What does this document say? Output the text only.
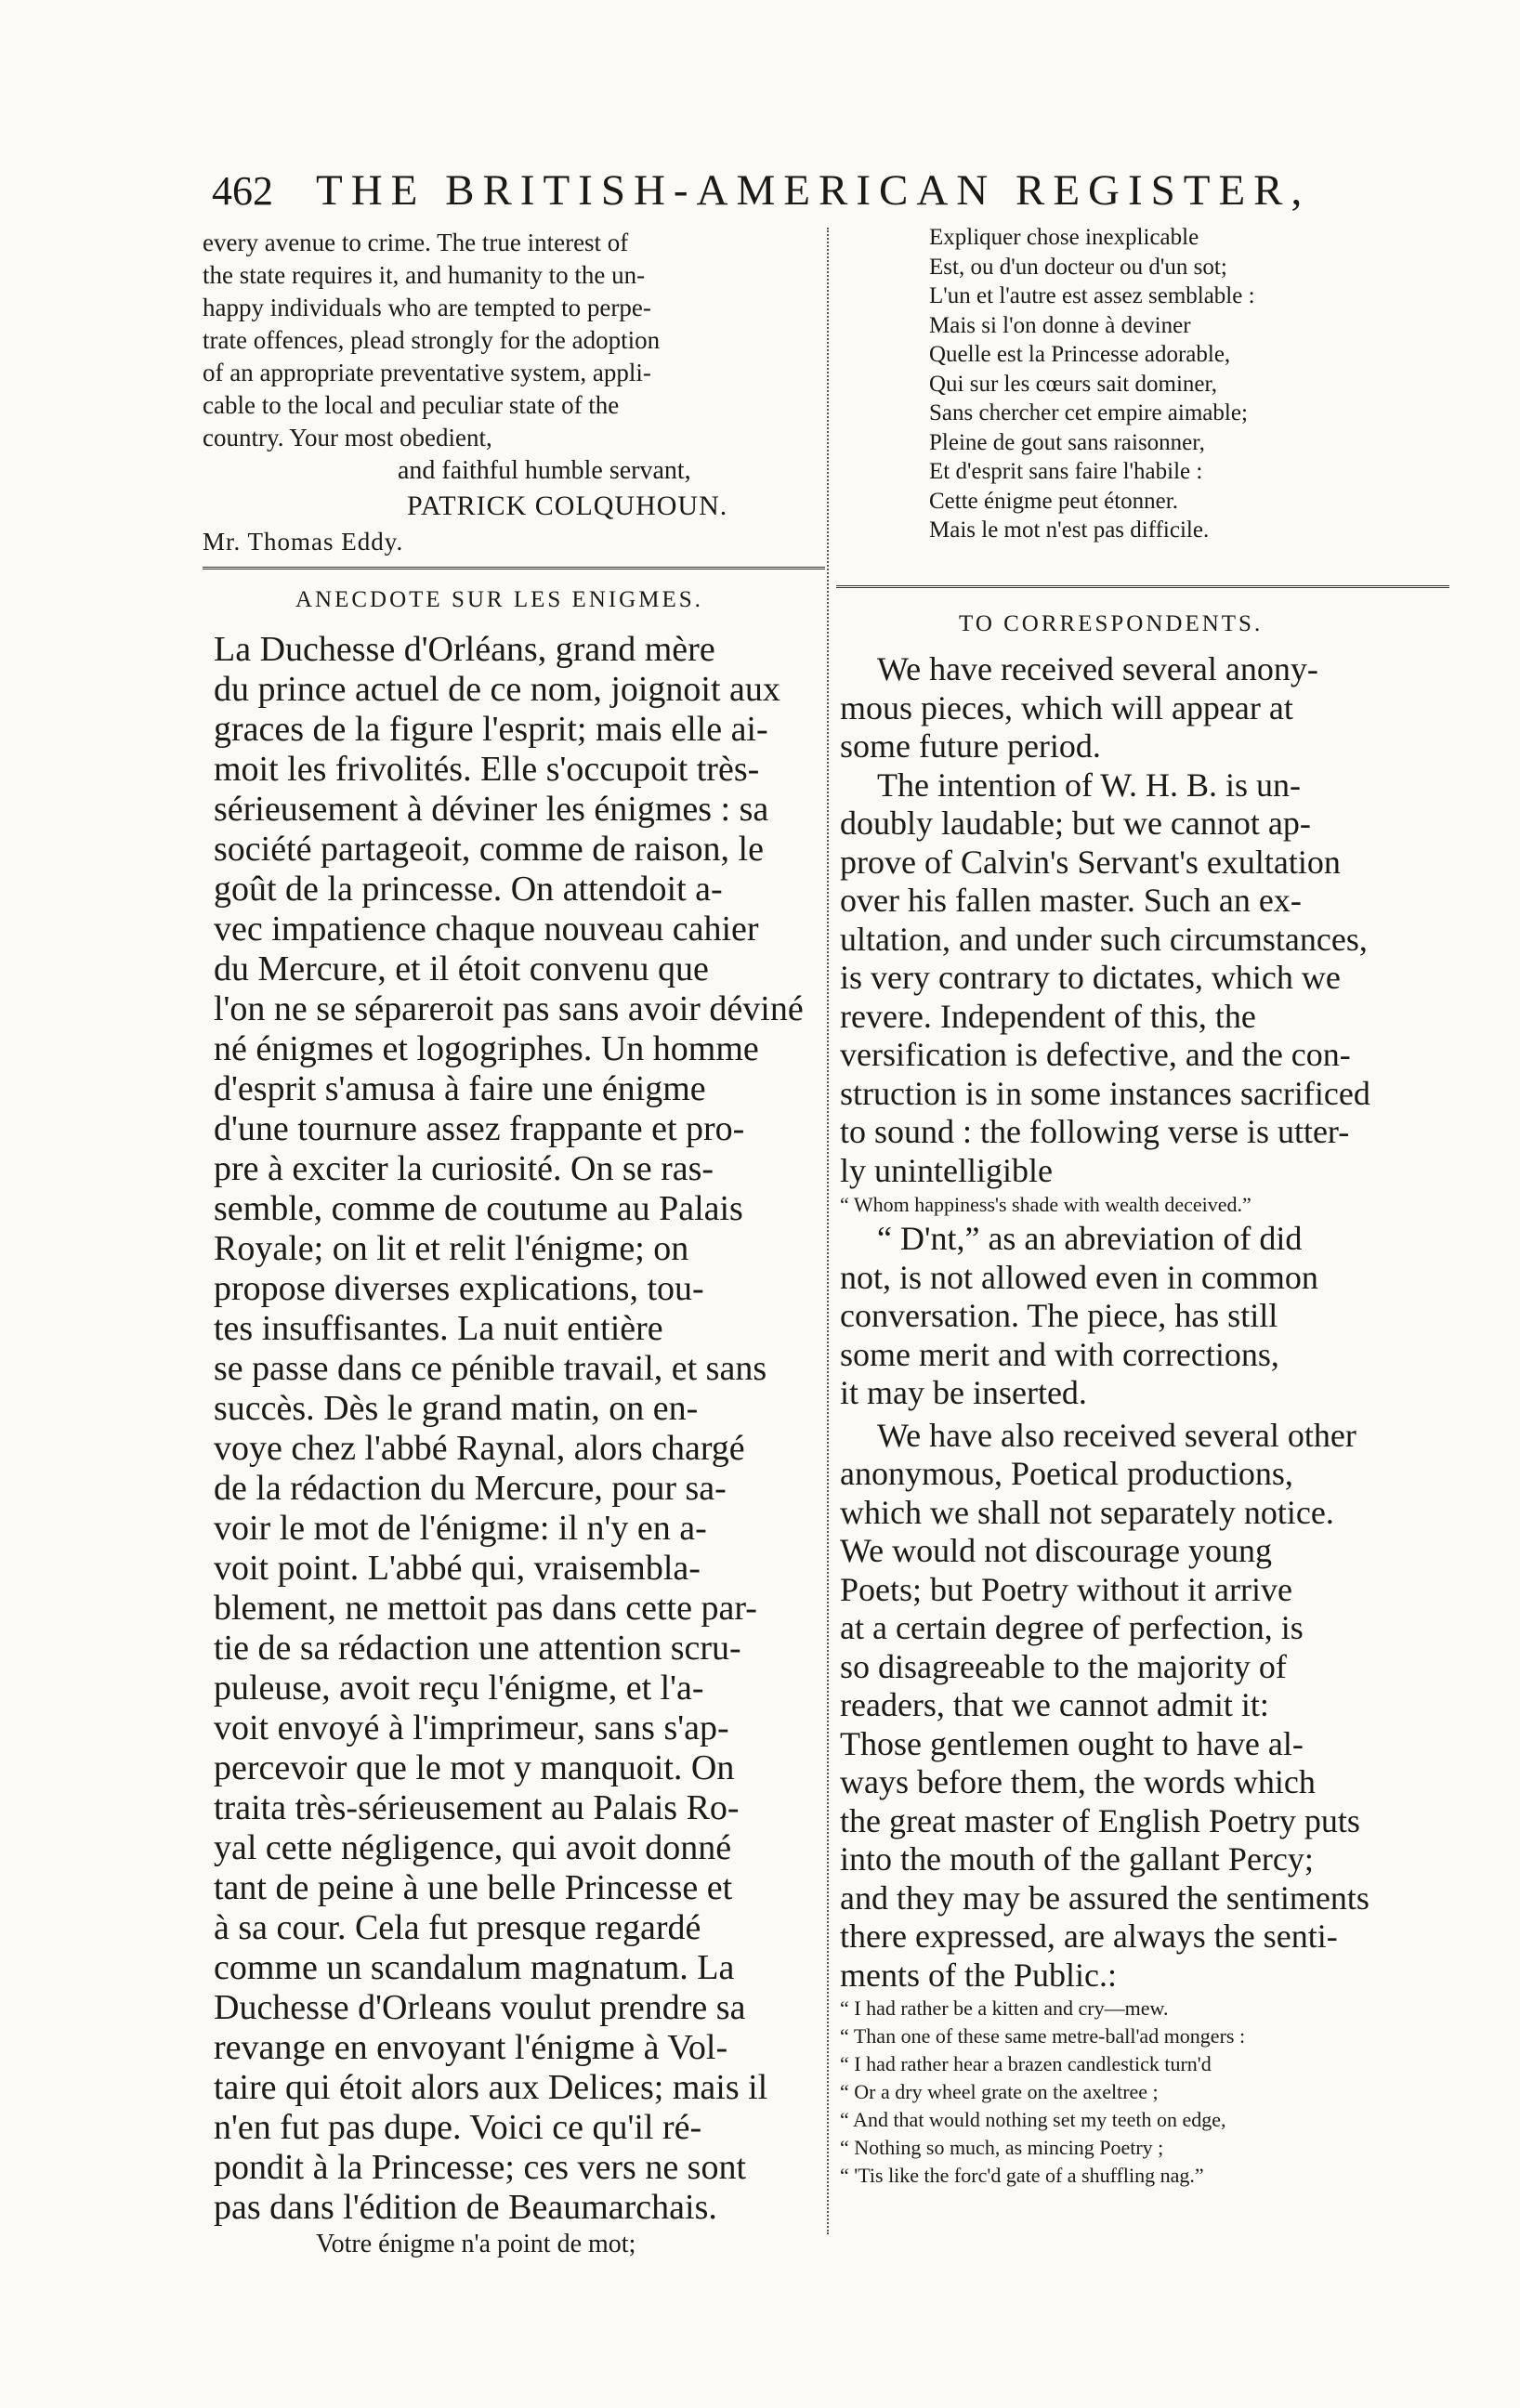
462 THE BRITISH-AMERICAN REGISTER,
every avenue to crime. The true interest of
the state requires it, and humanity to the un-
happy individuals who are tempted to perpe-
trate offences, plead strongly for the adoption
of an appropriate preventative system, appli-
cable to the local and peculiar state of the
country. Your most obedient,
and faithful humble servant,
PATRICK COLQUHOUN.
Mr. Thomas Eddy.
ANECDOTE SUR LES ENIGMES.
La Duchesse d'Orléans, grand mère
du prince actuel de ce nom, joignoit aux
graces de la figure l'esprit; mais elle ai-
moit les frivolités. Elle s'occupoit très-
sérieusement à déviner les énigmes : sa
société partageoit, comme de raison, le
goût de la princesse. On attendoit a-
vec impatience chaque nouveau cahier
du Mercure, et il étoit convenu que
l'on ne se sépareroit pas sans avoir déviné
né énigmes et logogriphes. Un homme
d'esprit s'amusa à faire une énigme
d'une tournure assez frappante et pro-
pre à exciter la curiosité. On se ras-
semble, comme de coutume au Palais
Royale; on lit et relit l'énigme; on
propose diverses explications, tou-
tes insuffisantes. La nuit entière
se passe dans ce pénible travail, et sans
succès. Dès le grand matin, on en-
voye chez l'abbé Raynal, alors chargé
de la rédaction du Mercure, pour sa-
voir le mot de l'énigme: il n'y en a-
voit point. L'abbé qui, vraisembla-
blement, ne mettoit pas dans cette par-
tie de sa rédaction une attention scru-
puleuse, avoit reçu l'énigme, et l'a-
voit envoyé à l'imprimeur, sans s'ap-
percevoir que le mot y manquoit. On
traita très-sérieusement au Palais Ro-
yal cette négligence, qui avoit donné
tant de peine à une belle Princesse et
à sa cour. Cela fut presque regardé
comme un scandalum magnatum. La
Duchesse d'Orleans voulut prendre sa
revange en envoyant l'énigme à Vol-
taire qui étoit alors aux Delices; mais il
n'en fut pas dupe. Voici ce qu'il ré-
pondit à la Princesse; ces vers ne sont
pas dans l'édition de Beaumarchais.
Votre énigme n'a point de mot;
Expliquer chose inexplicable
Est, ou d'un docteur ou d'un sot;
L'un et l'autre est assez semblable :
Mais si l'on donne à deviner
Quelle est la Princesse adorable,
Qui sur les cœurs sait dominer,
Sans chercher cet empire aimable;
Pleine de gout sans raisonner,
Et d'esprit sans faire l'habile :
Cette énigme peut étonner.
Mais le mot n'est pas difficile.
TO CORRESPONDENTS.
We have received several anony-
mous pieces, which will appear at
some future period.
The intention of W. H. B. is un-
doubly laudable; but we cannot ap-
prove of Calvin's Servant's exultation
over his fallen master. Such an ex-
ultation, and under such circumstances,
is very contrary to dictates, which we
revere. Independent of this, the
versification is defective, and the con-
struction is in some instances sacrificed
to sound : the following verse is utter-
ly unintelligible
“ Whom happiness's shade with wealth deceived.”
“ D'nt,” as an abreviation of did
not, is not allowed even in common
conversation. The piece, has still
some merit and with corrections,
it may be inserted.
We have also received several other
anonymous, Poetical productions,
which we shall not separately notice.
We would not discourage young
Poets; but Poetry without it arrive
at a certain degree of perfection, is
so disagreeable to the majority of
readers, that we cannot admit it:
Those gentlemen ought to have al-
ways before them, the words which
the great master of English Poetry puts
into the mouth of the gallant Percy;
and they may be assured the sentiments
there expressed, are always the senti-
ments of the Public.:
“ I had rather be a kitten and cry—mew.
“ Than one of these same metre-ball'ad mongers :
“ I had rather hear a brazen candlestick turn'd
“ Or a dry wheel grate on the axeltree ;
“ And that would nothing set my teeth on edge,
“ Nothing so much, as mincing Poetry ;
“ 'Tis like the forc'd gate of a shuffling nag.”
